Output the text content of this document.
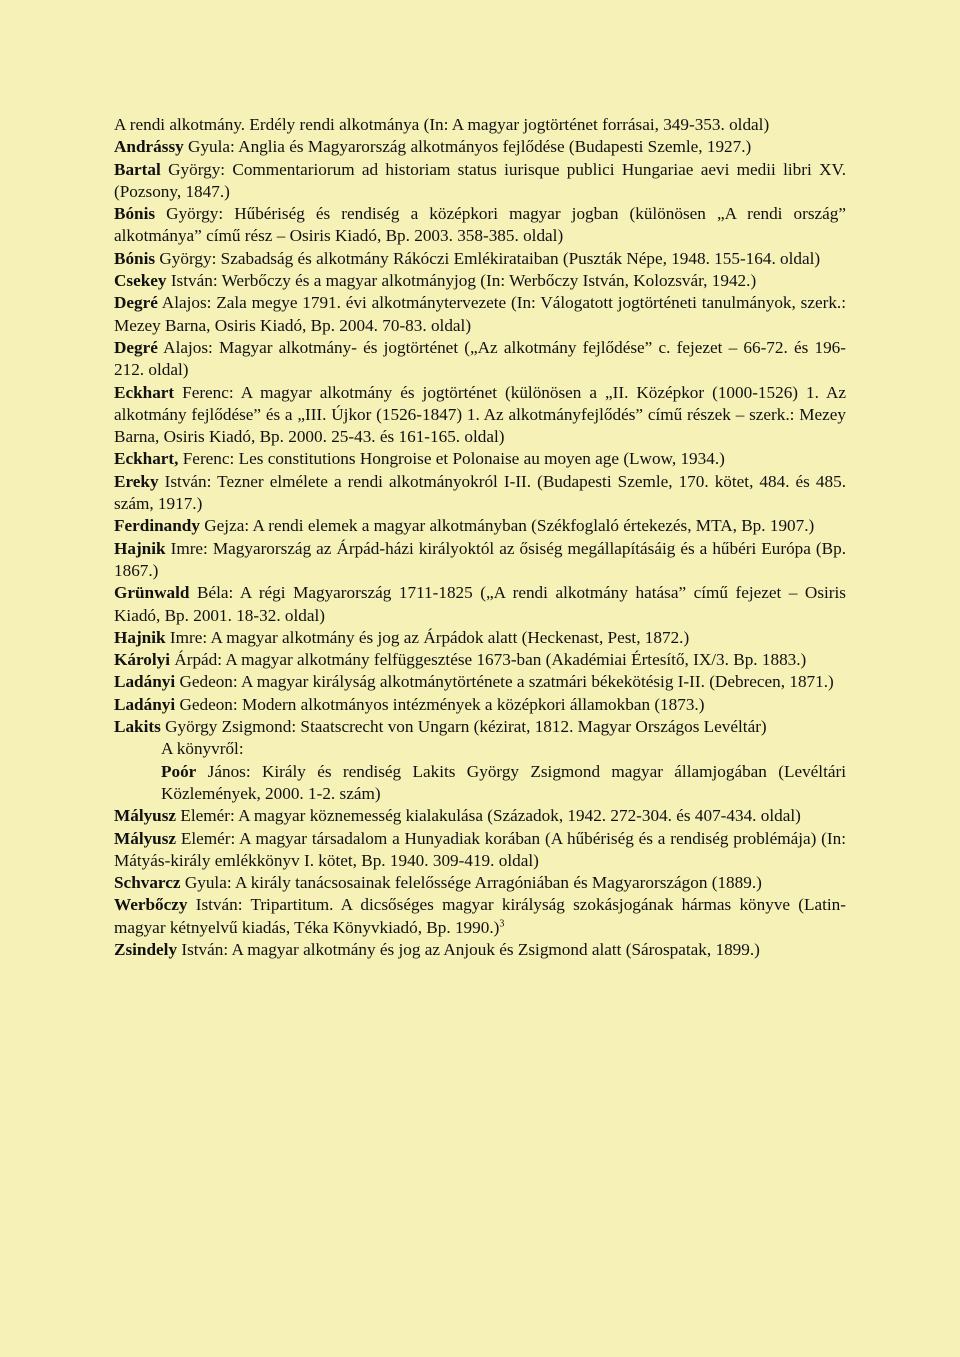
A rendi alkotmány. Erdély rendi alkotmánya (In: A magyar jogtörténet forrásai, 349-353. oldal)

Andrássy Gyula: Anglia és Magyarország alkotmányos fejlődése (Budapesti Szemle, 1927.)

Bartal György: Commentariorum ad historiam status iurisque publici Hungariae aevi medii libri XV. (Pozsony, 1847.)

Bónis György: Hűbériség és rendiség a középkori magyar jogban (különösen „A rendi ország” alkotmánya” című rész – Osiris Kiadó, Bp. 2003. 358-385. oldal)

Bónis György: Szabadság és alkotmány Rákóczi Emlékirataiban (Puszták Népe, 1948. 155-164. oldal)

Csekey István: Werbőczy és a magyar alkotmányjog (In: Werbőczy István, Kolozsvár, 1942.)

Degré Alajos: Zala megye 1791. évi alkotmánytervezete (In: Válogatott jogtörténeti tanulmányok, szerk.: Mezey Barna, Osiris Kiadó, Bp. 2004. 70-83. oldal)

Degré Alajos: Magyar alkotmány- és jogtörténet („Az alkotmány fejlődése” c. fejezet – 66-72. és 196-212. oldal)

Eckhart Ferenc: A magyar alkotmány és jogtörténet (különösen a „II. Középkor (1000-1526) 1. Az alkotmány fejlődése” és a „III. Újkor (1526-1847) 1. Az alkotmányfejlődés” című részek – szerk.: Mezey Barna, Osiris Kiadó, Bp. 2000. 25-43. és 161-165. oldal)

Eckhart, Ferenc: Les constitutions Hongroise et Polonaise au moyen age (Lwow, 1934.)

Ereky István: Tezner elmélete a rendi alkotmányokról I-II. (Budapesti Szemle, 170. kötet, 484. és 485. szám, 1917.)

Ferdinandy Gejza: A rendi elemek a magyar alkotmányban (Székfoglaló értekezés, MTA, Bp. 1907.)

Hajnik Imre: Magyarország az Árpád-házi királyoktól az ősiség megállapításáig és a hűbéri Európa (Bp. 1867.)

Grünwald Béla: A régi Magyarország 1711-1825 („A rendi alkotmány hatása” című fejezet – Osiris Kiadó, Bp. 2001. 18-32. oldal)

Hajnik Imre: A magyar alkotmány és jog az Árpádok alatt (Heckenast, Pest, 1872.)

Károlyi Árpád: A magyar alkotmány felfüggesztése 1673-ban (Akadémiai Értesítő, IX/3. Bp. 1883.)

Ladányi Gedeon: A magyar királyság alkotmánytörténete a szatmári békekötésig I-II. (Debrecen, 1871.)

Ladányi Gedeon: Modern alkotmányos intézmények a középkori államokban (1873.)

Lakits György Zsigmond: Staatscrecht von Ungarn (kézirat, 1812. Magyar Országos Levéltár)

A könyvről:

Poór János: Király és rendiség Lakits György Zsigmond magyar államjogában (Levéltári Közlemények, 2000. 1-2. szám)

Mályusz Elemér: A magyar köznemesség kialakulása (Századok, 1942. 272-304. és 407-434. oldal)

Mályusz Elemér: A magyar társadalom a Hunyadiak korában (A hűbériség és a rendiség problémája) (In: Mátyás-király emlékkönyv I. kötet, Bp. 1940. 309-419. oldal)

Schvarcz Gyula: A király tanácsosainak felelőssége Arragóniában és Magyarországon (1889.)

Werbőczy István: Tripartitum. A dicsőséges magyar királyság szokásjogának hármas könyve (Latin-magyar kétnyelvű kiadás, Téka Könyvkiadó, Bp. 1990.)$^3$

Zsindely István: A magyar alkotmány és jog az Anjouk és Zsigmond alatt (Sárospatak, 1899.)
